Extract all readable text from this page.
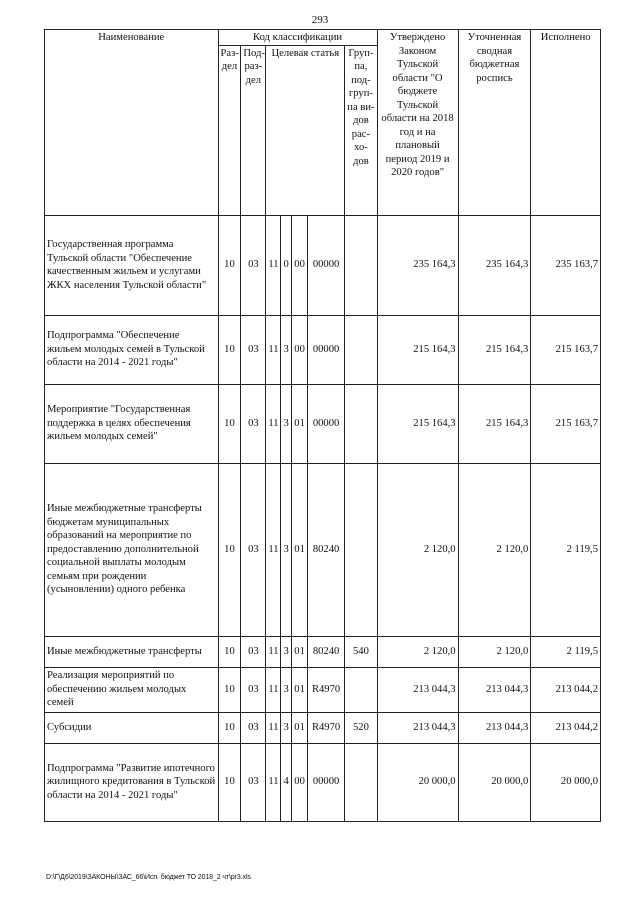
293
Наименование	Код классификации							Утверждено Законом Тульской области "О бюджете Тульской области на 2018 год и на плановый период 2019 и 2020 годов"	Уточненная сводная бюджетная роспись	Исполнено
	Раз-дел	Под-раз-дел	Целевая статья				Груп-па, под-груп-па ви-дов рас-хо-дов			
Государственная программа Тульской области "Обеспечение качественным жильем и услугами ЖКХ населения Тульской области"	10	03	11	0	00	00000		235 164,3	235 164,3	235 163,7
Подпрограмма "Обеспечение жильем молодых семей в Тульской области на 2014 - 2021 годы"	10	03	11	3	00	00000		215 164,3	215 164,3	215 163,7
Мероприятие "Государственная поддержка в целях обеспечения жильем молодых семей"	10	03	11	3	01	00000		215 164,3	215 164,3	215 163,7
Иные межбюджетные трансферты бюджетам муниципальных образований на мероприятие по предоставлению дополнительной социальной выплаты молодым семьям при рождении (усыновлении) одного ребенка	10	03	11	3	01	80240		2 120,0	2 120,0	2 119,5
Иные межбюджетные трансферты	10	03	11	3	01	80240	540	2 120,0	2 120,0	2 119,5
Реализация мероприятий по обеспечению жильем молодых семей	10	03	11	3	01	R4970		213 044,3	213 044,3	213 044,2
Субсидии	10	03	11	3	01	R4970	520	213 044,3	213 044,3	213 044,2
Подпрограмма "Развитие ипотечного жилищного кредитования в Тульской области на 2014 - 2021 годы"	10	03	11	4	00	00000		20 000,0	20 000,0	20 000,0
D:\Г\Д6\2019\ЗАКОНЫ\ЗАС_66\Исп. бюджет ТО 2018_2 чт\pr3.xls
